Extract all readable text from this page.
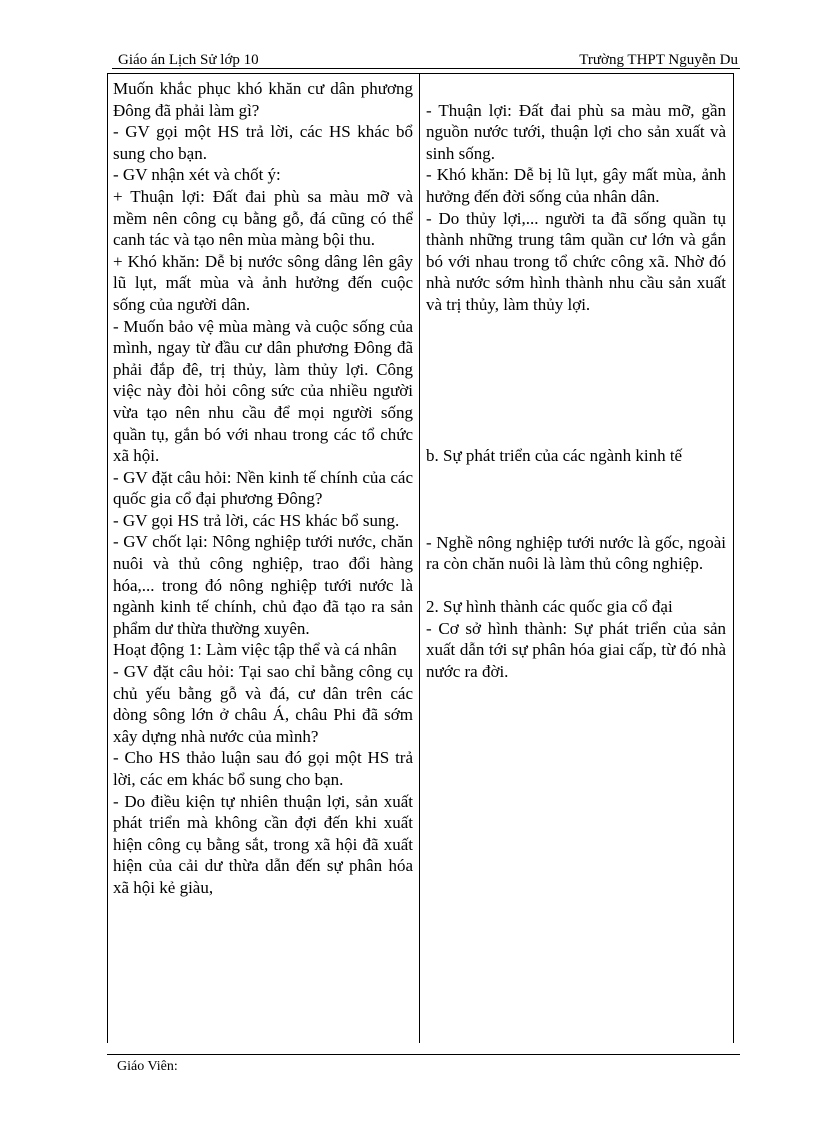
Giáo án Lịch Sử lớp 10	Trường THPT Nguyễn Du
Muốn khắc phục khó khăn cư dân phương Đông đã phải làm gì?
- GV gọi một HS trả lời, các HS khác bổ sung cho bạn.
- GV nhận xét và chốt ý:
+ Thuận lợi: Đất đai phù sa màu mỡ và mềm nên công cụ bằng gỗ, đá cũng có thể canh tác và tạo nên mùa màng bội thu.
+ Khó khăn: Dễ bị nước sông dâng lên gây lũ lụt, mất mùa và ảnh hưởng đến cuộc sống của người dân.
- Muốn bảo vệ mùa màng và cuộc sống của mình, ngay từ đầu cư dân phương Đông đã phải đắp đê, trị thủy, làm thủy lợi. Công việc này đòi hỏi công sức của nhiều người vừa tạo nên nhu cầu để mọi người sống quần tụ, gắn bó với nhau trong các tổ chức xã hội.
- GV đặt câu hỏi: Nền kinh tế chính của các quốc gia cổ đại phương Đông?
- GV gọi HS trả lời, các HS khác bổ sung.
- GV chốt lại: Nông nghiệp tưới nước, chăn nuôi và thủ công nghiệp, trao đổi hàng hóa,... trong đó nông nghiệp tưới nước là ngành kinh tế chính, chủ đạo đã tạo ra sản phẩm dư thừa thường xuyên.
Hoạt động 1: Làm việc tập thể và cá nhân
- GV đặt câu hỏi: Tại sao chỉ bằng công cụ chủ yếu bằng gỗ và đá, cư dân trên các dòng sông lớn ở châu Á, châu Phi đã sớm xây dựng nhà nước của mình?
- Cho HS thảo luận sau đó gọi một HS trả lời, các em khác bổ sung cho bạn.
- Do điều kiện tự nhiên thuận lợi, sản xuất phát triển mà không cần đợi đến khi xuất hiện công cụ bằng sắt, trong xã hội đã xuất hiện của cải dư thừa dẫn đến sự phân hóa xã hội kẻ giàu,
- Thuận lợi: Đất đai phù sa màu mỡ, gần nguồn nước tưới, thuận lợi cho sản xuất và sinh sống.
- Khó khăn: Dễ bị lũ lụt, gây mất mùa, ảnh hưởng đến đời sống của nhân dân.
- Do thủy lợi,... người ta đã sống quần tụ thành những trung tâm quần cư lớn và gắn bó với nhau trong tổ chức công xã. Nhờ đó nhà nước sớm hình thành nhu cầu sản xuất và trị thủy, làm thủy lợi.
b. Sự phát triển của các ngành kinh tế
- Nghề nông nghiệp tưới nước là gốc, ngoài ra còn chăn nuôi là làm thủ công nghiệp.
2. Sự hình thành các quốc gia cổ đại
- Cơ sở hình thành: Sự phát triển của sản xuất dẫn tới sự phân hóa giai cấp, từ đó nhà nước ra đời.
Giáo Viên:
